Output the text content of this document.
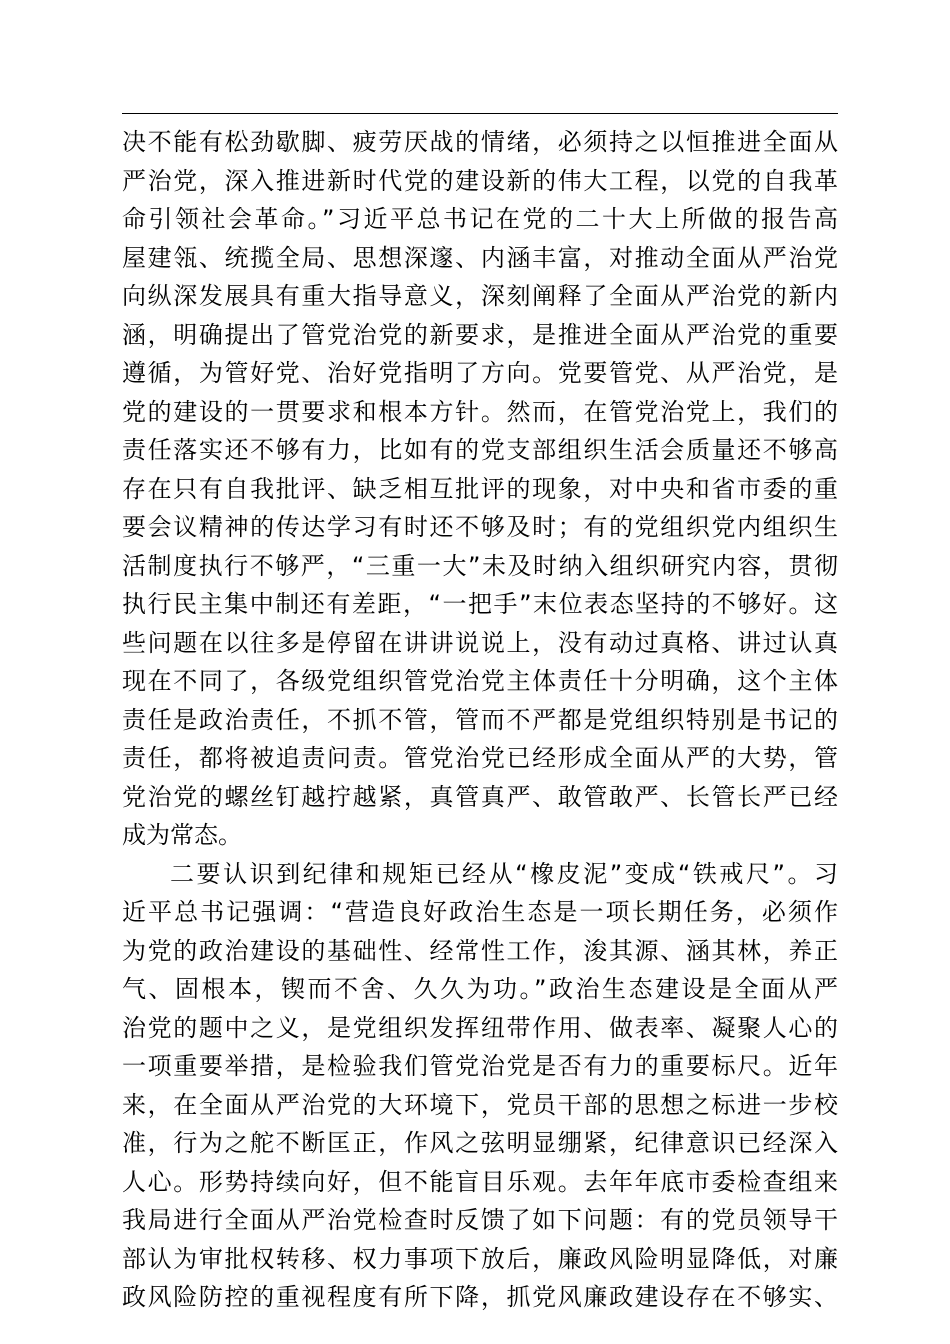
决不能有松劲歇脚、疲劳厌战的情绪，必须持之以恒推进全面从
严治党，深入推进新时代党的建设新的伟大工程，以党的自我革
命引领社会革命。”习近平总书记在党的二十大上所做的报告高
屋建瓴、统揽全局、思想深邃、内涵丰富，对推动全面从严治党
向纵深发展具有重大指导意义，深刻阐释了全面从严治党的新内
涵，明确提出了管党治党的新要求，是推进全面从严治党的重要
遵循，为管好党、治好党指明了方向。党要管党、从严治党，是
党的建设的一贯要求和根本方针。然而，在管党治党上，我们的
责任落实还不够有力，比如有的党支部组织生活会质量还不够高
存在只有自我批评、缺乏相互批评的现象，对中央和省市委的重
要会议精神的传达学习有时还不够及时；有的党组织党内组织生
活制度执行不够严，“三重一大”未及时纳入组织研究内容，贯彻
执行民主集中制还有差距，“一把手”末位表态坚持的不够好。这
些问题在以往多是停留在讲讲说说上，没有动过真格、讲过认真
现在不同了，各级党组织管党治党主体责任十分明确，这个主体
责任是政治责任，不抓不管，管而不严都是党组织特别是书记的
责任，都将被追责问责。管党治党已经形成全面从严的大势，管
党治党的螺丝钉越拧越紧，真管真严、敢管敢严、长管长严已经
成为常态。
二要认识到纪律和规矩已经从“橡皮泥”变成“铁戒尺”。习
近平总书记强调：“营造良好政治生态是一项长期任务，必须作
为党的政治建设的基础性、经常性工作，浚其源、涵其林，养正
气、固根本，锲而不舍、久久为功。”政治生态建设是全面从严
治党的题中之义，是党组织发挥纽带作用、做表率、凝聚人心的
一项重要举措，是检验我们管党治党是否有力的重要标尺。近年
来，在全面从严治党的大环境下，党员干部的思想之标进一步校
准，行为之舵不断匡正，作风之弦明显绷紧，纪律意识已经深入
人心。形势持续向好，但不能盲目乐观。去年年底市委检查组来
我局进行全面从严治党检查时反馈了如下问题：有的党员领导干
部认为审批权转移、权力事项下放后，廉政风险明显降低，对廉
政风险防控的重视程度有所下降，抓党风廉政建设存在不够实、
